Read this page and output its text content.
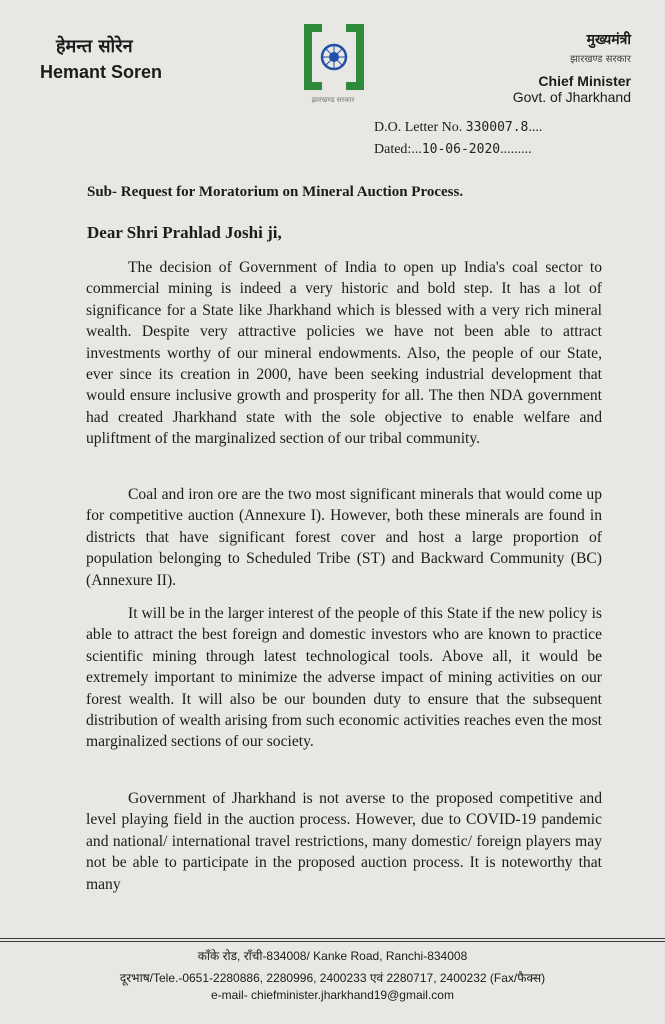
हेमन्त सोरेन
Hemant Soren
झारखण्ड सरकार
मुख्यमंत्री
झारखण्ड सरकार
Chief Minister
Govt. of Jharkhand
D.O. Letter No. 330007.8....
Dated:...10-06-2020.........
Sub- Request for Moratorium on Mineral Auction Process.
Dear Shri Prahlad Joshi ji,

The decision of Government of India to open up India's coal sector to commercial mining is indeed a very historic and bold step. It has a lot of significance for a State like Jharkhand which is blessed with a very rich mineral wealth. Despite very attractive policies we have not been able to attract investments worthy of our mineral endowments. Also, the people of our State, ever since its creation in 2000, have been seeking industrial development that would ensure inclusive growth and prosperity for all. The then NDA government had created Jharkhand state with the sole objective to enable welfare and upliftment of the marginalized section of our tribal community.

Coal and iron ore are the two most significant minerals that would come up for competitive auction (Annexure I). However, both these minerals are found in districts that have significant forest cover and host a large proportion of population belonging to Scheduled Tribe (ST) and Backward Community (BC) (Annexure II).

It will be in the larger interest of the people of this State if the new policy is able to attract the best foreign and domestic investors who are known to practice scientific mining through latest technological tools. Above all, it would be extremely important to minimize the adverse impact of mining activities on our forest wealth. It will also be our bounden duty to ensure that the subsequent distribution of wealth arising from such economic activities reaches even the most marginalized sections of our society.

Government of Jharkhand is not averse to the proposed competitive and level playing field in the auction process. However, due to COVID-19 pandemic and national/ international travel restrictions, many domestic/ foreign players may not be able to participate in the proposed auction process. It is noteworthy that many

काँके रोड, राँची-834008/ Kanke Road, Ranchi-834008
दूरभाष/Tele.-0651-2280886, 2280996, 2400233 एवं 2280717, 2400232 (Fax/फैक्स)
e-mail- chiefminister.jharkhand19@gmail.com
